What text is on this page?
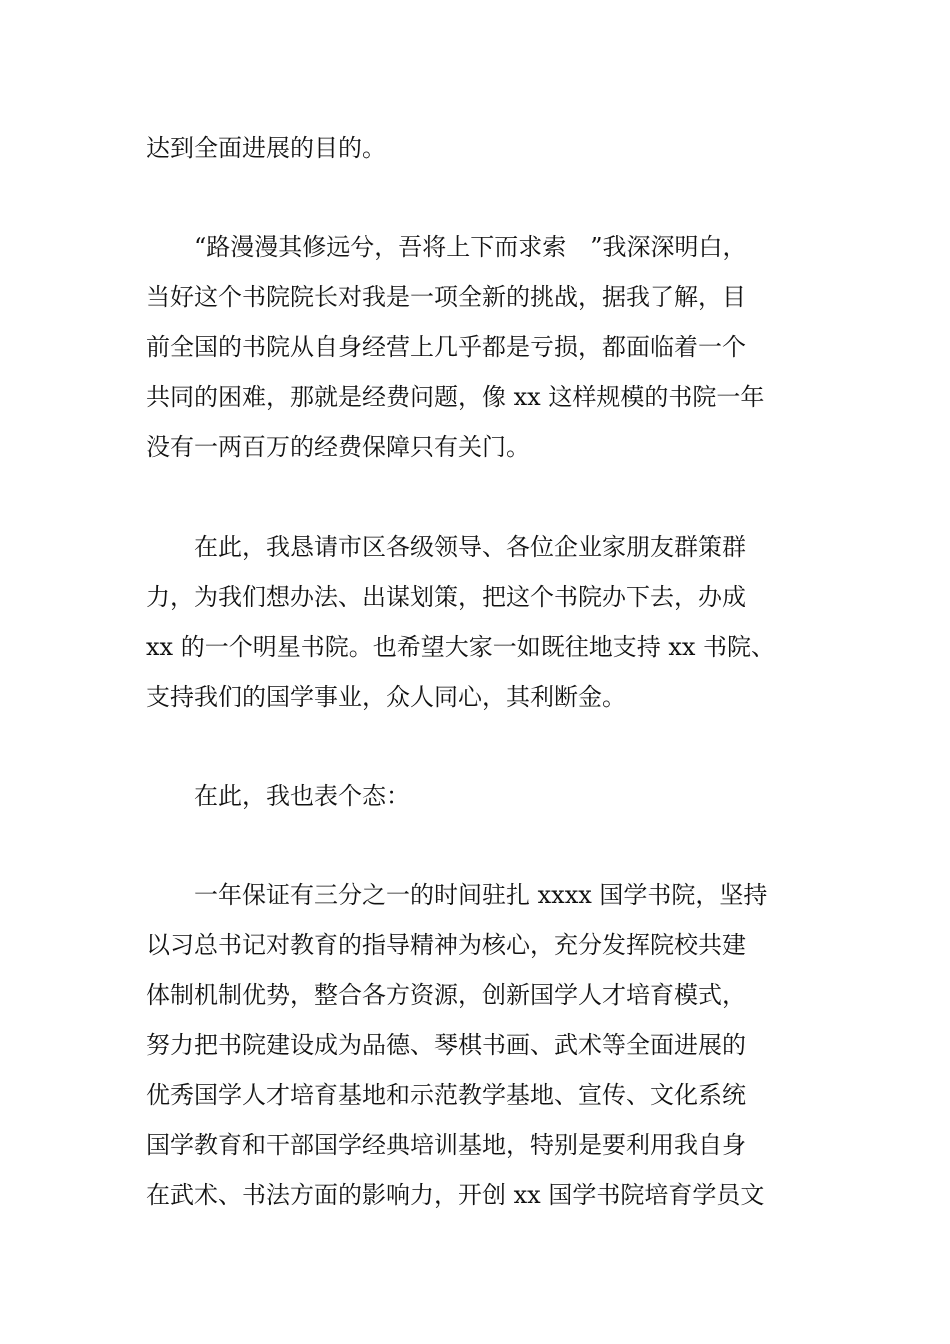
达到全面进展的目的。
　　“路漫漫其修远兮，吾将上下而求索　”我深深明白，
当好这个书院院长对我是一项全新的挑战，据我了解，目
前全国的书院从自身经营上几乎都是亏损，都面临着一个
共同的困难，那就是经费问题，像 xx 这样规模的书院一年
没有一两百万的经费保障只有关门。
　　在此，我恳请市区各级领导、各位企业家朋友群策群
力，为我们想办法、出谋划策，把这个书院办下去，办成
xx 的一个明星书院。也希望大家一如既往地支持 xx 书院、
支持我们的国学事业，众人同心，其利断金。
　　在此，我也表个态：
　　一年保证有三分之一的时间驻扎 xxxx 国学书院，坚持
以习总书记对教育的指导精神为核心，充分发挥院校共建
体制机制优势，整合各方资源，创新国学人才培育模式，
努力把书院建设成为品德、琴棋书画、武术等全面进展的
优秀国学人才培育基地和示范教学基地、宣传、文化系统
国学教育和干部国学经典培训基地，特别是要利用我自身
在武术、书法方面的影响力，开创 xx 国学书院培育学员文
